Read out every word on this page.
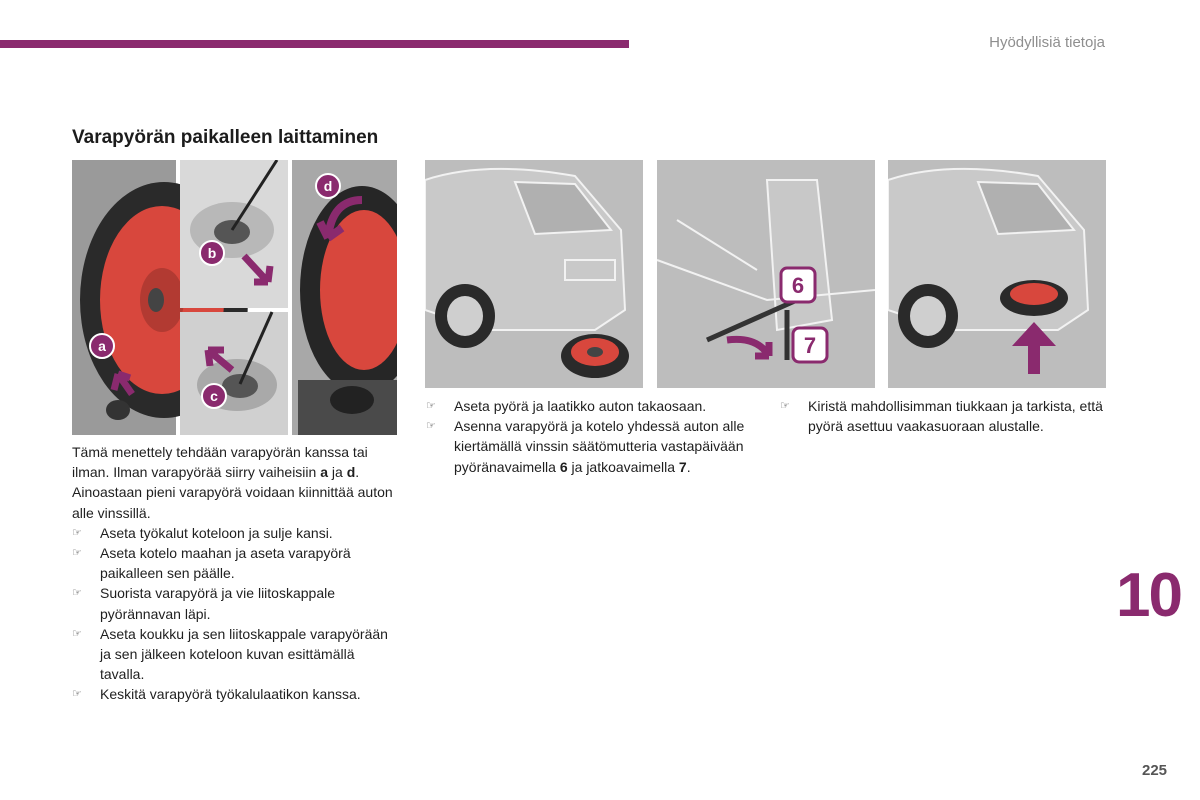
Hyödyllisiä tietoja
Varapyörän paikalleen laittaminen
a
b
c
d
6
7

Tämä menettely tehdään varapyörän kanssa tai ilman. Ilman varapyörää siirry vaiheisiin a ja d. Ainoastaan pieni varapyörä voidaan kiinnittää auton alle vinssillä.

☞ Aseta työkalut koteloon ja sulje kansi.
☞ Aseta kotelo maahan ja aseta varapyörä paikalleen sen päälle.
☞ Suorista varapyörä ja vie liitoskappale pyörännavan läpi.
☞ Aseta koukku ja sen liitoskappale varapyörään ja sen jälkeen koteloon kuvan esittämällä tavalla.
☞ Keskitä varapyörä työkalulaatikon kanssa.
☞ Aseta pyörä ja laatikko auton takaosaan.
☞ Asenna varapyörä ja kotelo yhdessä auton alle kiertämällä vinssin säätömutteria vastapäivään pyöränavaimella 6 ja jatkoavaimella 7.
☞ Kiristä mahdollisimman tiukkaan ja tarkista, että pyörä asettuu vaakasuoraan alustalle.
10
225
